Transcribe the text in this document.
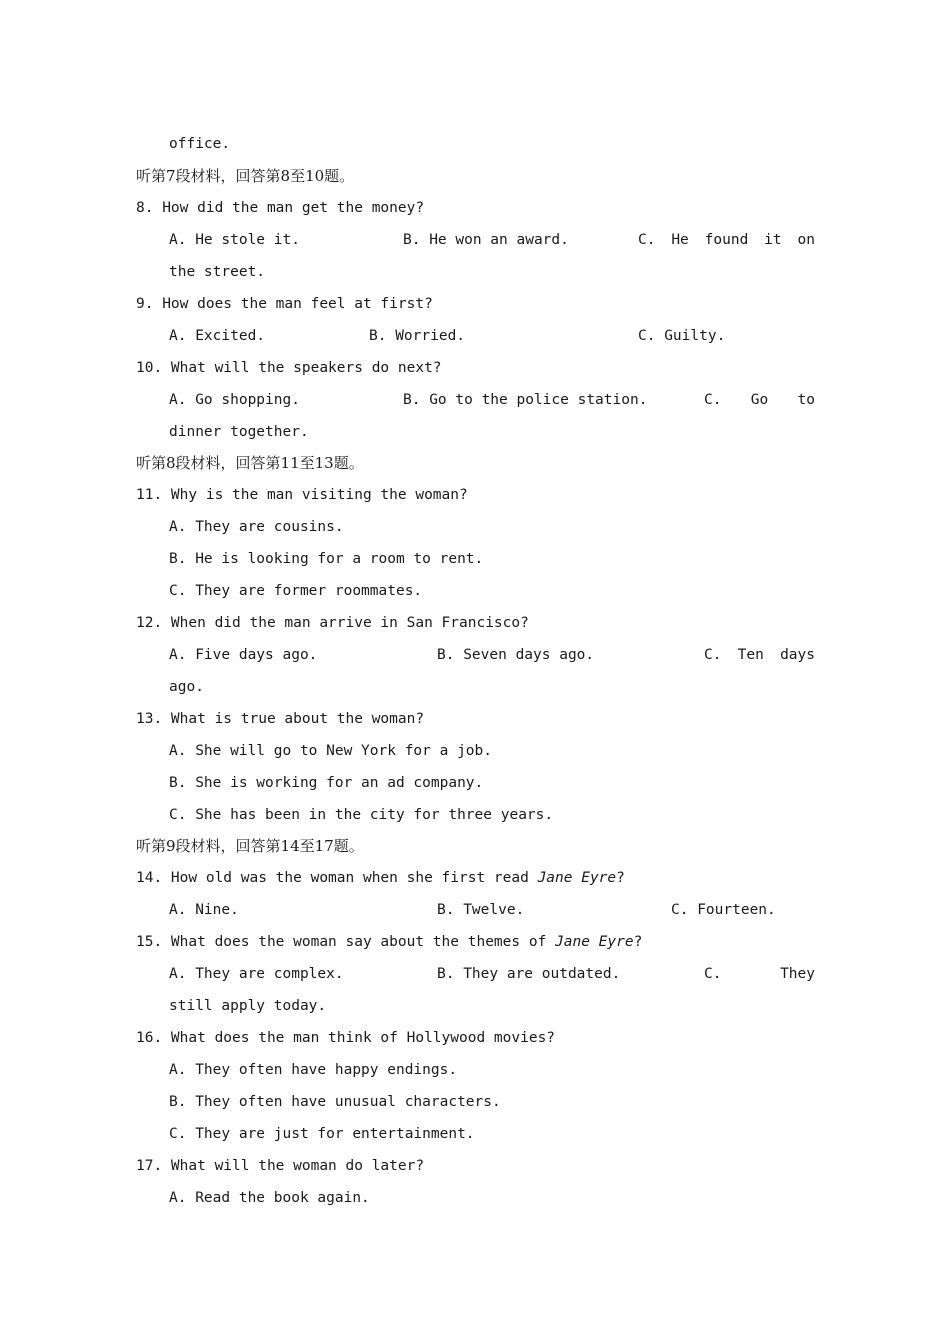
office.
听第7段材料，回答第8至10题。
8. How did the man get the money?
A. He stole it.	B. He won an award.	C. He found it on
the street.
9. How does the man feel at first?
A. Excited.	B. Worried.	C. Guilty.
10. What will the speakers do next?
A. Go shopping.	B. Go to the police station.	C. Go to
dinner together.
听第8段材料，回答第11至13题。
11. Why is the man visiting the woman?
A. They are cousins.
B. He is looking for a room to rent.
C. They are former roommates.
12. When did the man arrive in San Francisco?
A. Five days ago.	B. Seven days ago.	C. Ten days
ago.
13. What is true about the woman?
A. She will go to New York for a job.
B. She is working for an ad company.
C. She has been in the city for three years.
听第9段材料，回答第14至17题。
14. How old was the woman when she first read Jane Eyre?
A. Nine.	B. Twelve.	C. Fourteen.
15. What does the woman say about the themes of Jane Eyre?
A. They are complex.	B. They are outdated.	C.	They
still apply today.
16. What does the man think of Hollywood movies?
A. They often have happy endings.
B. They often have unusual characters.
C. They are just for entertainment.
17. What will the woman do later?
A. Read the book again.
